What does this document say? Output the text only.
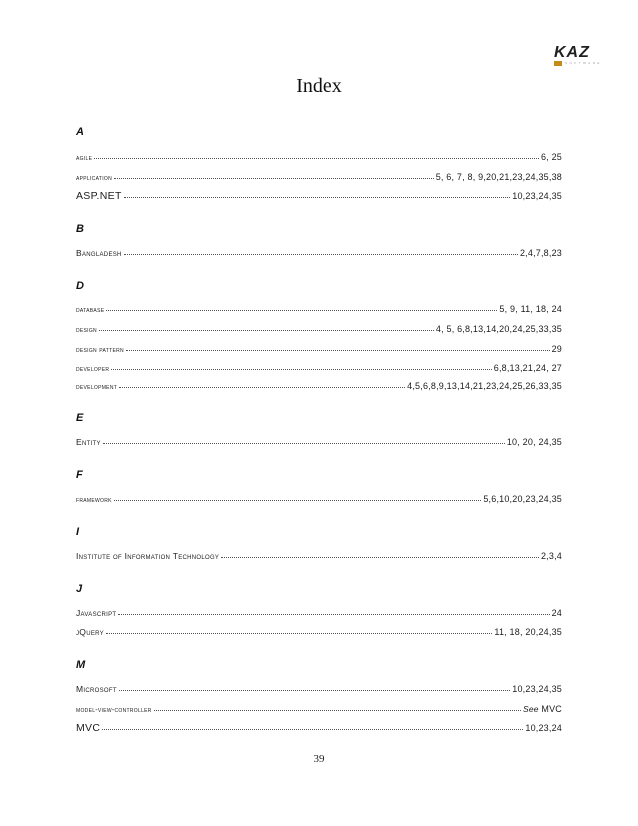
KAZ
SOFTWARE
Index
A
agile	6, 25
application	5, 6, 7, 8, 9,20,21,23,24,35,38
ASP.NET	10,23,24,35
B
Bangladesh	2,4,7,8,23
D
database	5, 9, 11, 18, 24
design	4, 5, 6,8,13,14,20,24,25,33,35
design pattern	29
developer	6,8,13,21,24, 27
development	4,5,6,8,9,13,14,21,23,24,25,26,33,35
E
Entity	10, 20, 24,35
F
framework	5,6,10,20,23,24,35
I
Institute of Information Technology	2,3,4
J
Javascript	24
jQuery	11, 18, 20,24,35
M
Microsoft	10,23,24,35
model-view-controller	See MVC
MVC	10,23,24
39
